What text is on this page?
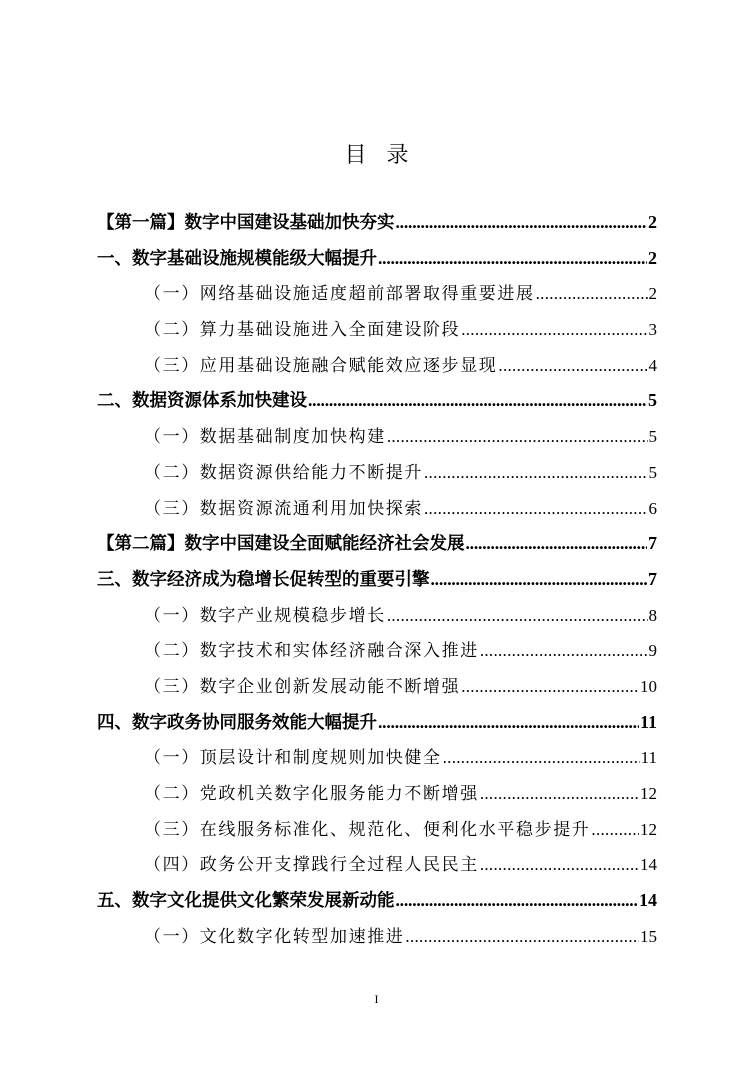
目录
【第一篇】数字中国建设基础加快夯实 .....	2
一、数字基础设施规模能级大幅提升 .....	2
（一）网络基础设施适度超前部署取得重要进展 .....	2
（二）算力基础设施进入全面建设阶段 .....	3
（三）应用基础设施融合赋能效应逐步显现 .....	4
二、数据资源体系加快建设 .....	5
（一）数据基础制度加快构建 .....	5
（二）数据资源供给能力不断提升 .....	5
（三）数据资源流通利用加快探索 .....	6
【第二篇】数字中国建设全面赋能经济社会发展 .....	7
三、数字经济成为稳增长促转型的重要引擎 .....	7
（一）数字产业规模稳步增长 .....	8
（二）数字技术和实体经济融合深入推进 .....	9
（三）数字企业创新发展动能不断增强 .....	10
四、数字政务协同服务效能大幅提升 .....	11
（一）顶层设计和制度规则加快健全 .....	11
（二）党政机关数字化服务能力不断增强 .....	12
（三）在线服务标准化、规范化、便利化水平稳步提升 .....	12
（四）政务公开支撑践行全过程人民民主 .....	14
五、数字文化提供文化繁荣发展新动能 .....	14
（一）文化数字化转型加速推进 .....	15
I
